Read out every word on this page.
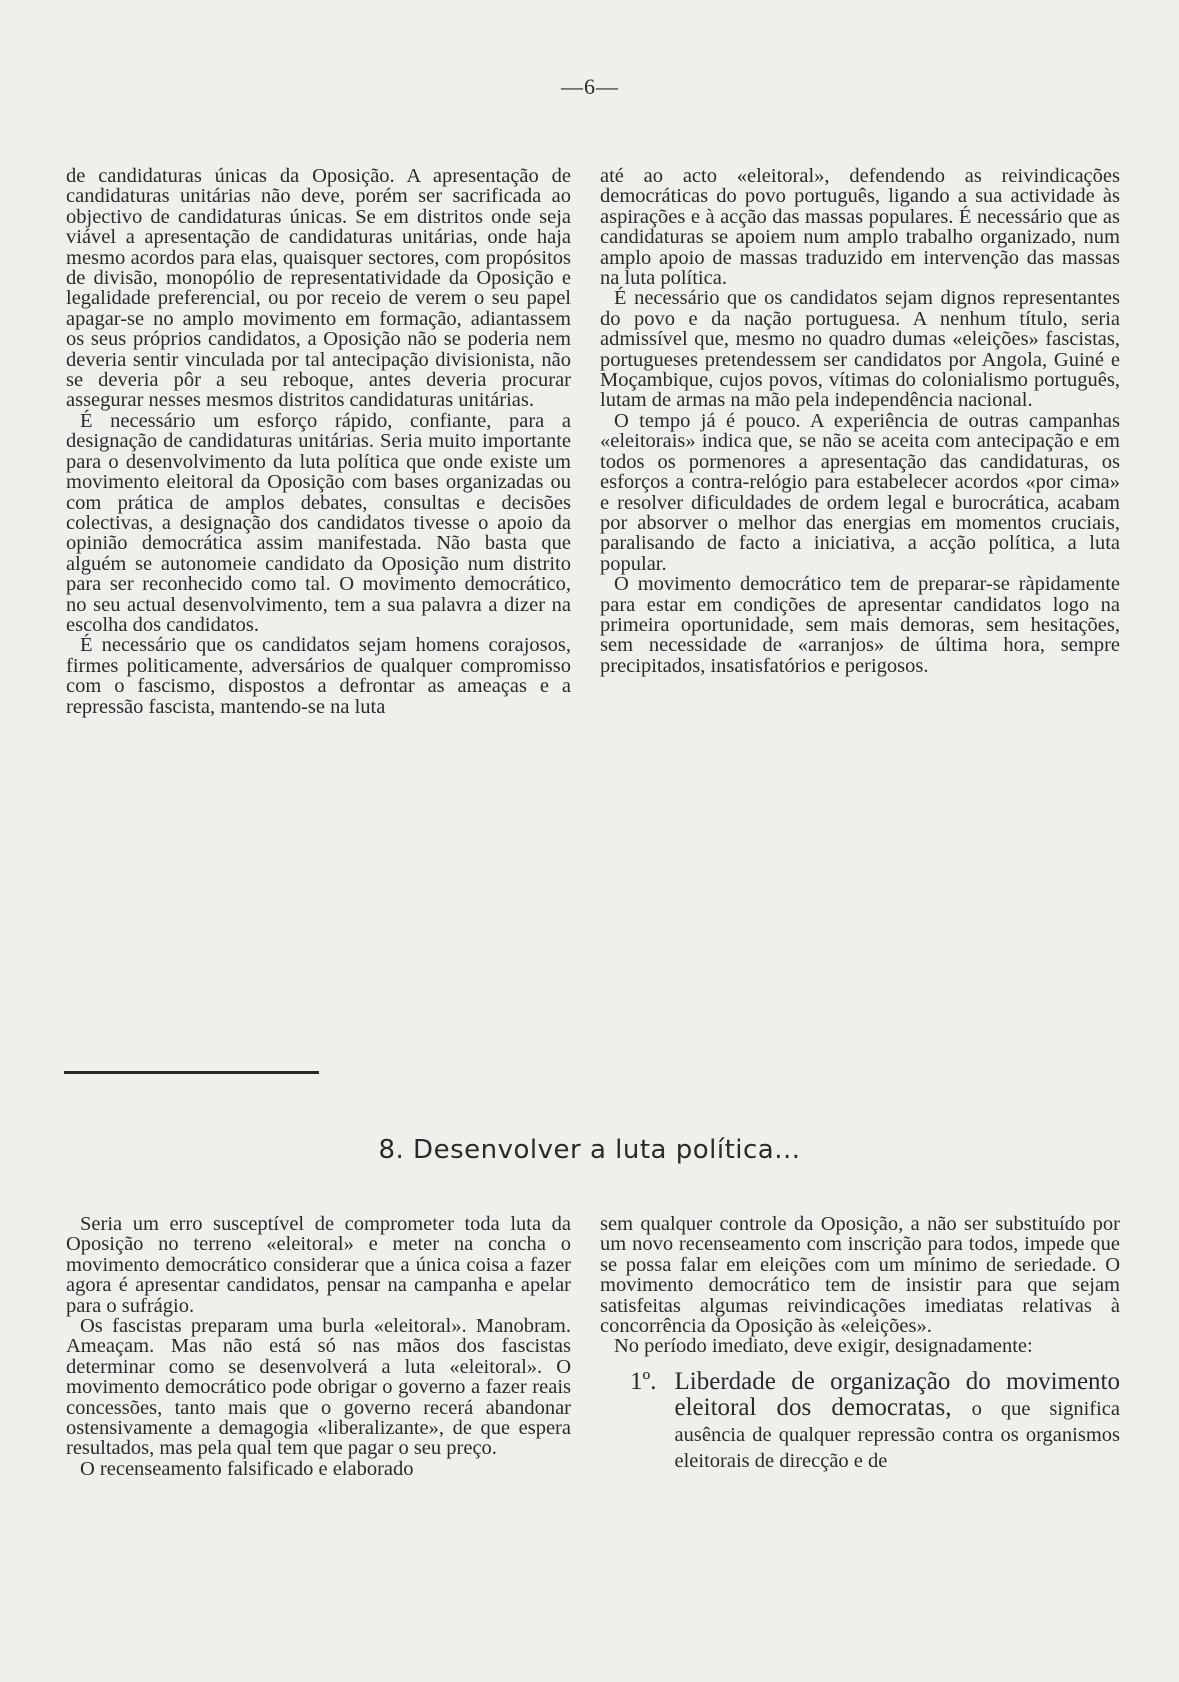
—6—

de candidaturas únicas da Oposição. A apresentação de candidaturas unitárias não deve, porém ser sacrificada ao objectivo de candidaturas únicas. Se em distritos onde seja viável a apresentação de candidaturas unitárias, onde haja mesmo acordos para elas, quaisquer sectores, com propósitos de divisão, monopólio de representatividade da Oposição e legalidade preferencial, ou por receio de verem o seu papel apagar-se no amplo movimento em formação, adiantassem os seus próprios candidatos, a Oposição não se poderia nem deveria sentir vinculada por tal antecipação divisionista, não se deveria pôr a seu reboque, antes deveria procurar assegurar nesses mesmos distritos candidaturas unitárias.

É necessário um esforço rápido, confiante, para a designação de candidaturas unitárias. Seria muito importante para o desenvolvimento da luta política que onde existe um movimento eleitoral da Oposição com bases organizadas ou com prática de amplos debates, consultas e decisões colectivas, a designação dos candidatos tivesse o apoio da opinião democrática assim manifestada. Não basta que alguém se autonomeie candidato da Oposição num distrito para ser reconhecido como tal. O movimento democrático, no seu actual desenvolvimento, tem a sua palavra a dizer na escolha dos candidatos.

É necessário que os candidatos sejam homens corajosos, firmes politicamente, adversários de qualquer compromisso com o fascismo, dispostos a defrontar as ameaças e a repressão fascista, mantendo-se na luta

até ao acto «eleitoral», defendendo as reivindicações democráticas do povo português, ligando a sua actividade às aspirações e à acção das massas populares. É necessário que as candidaturas se apoiem num amplo trabalho organizado, num amplo apoio de massas traduzido em intervenção das massas na luta política.

É necessário que os candidatos sejam dignos representantes do povo e da nação portuguesa. A nenhum título, seria admissível que, mesmo no quadro dumas «eleições» fascistas, portugueses pretendessem ser candidatos por Angola, Guiné e Moçambique, cujos povos, vítimas do colonialismo português, lutam de armas na mão pela independência nacional.

O tempo já é pouco. A experiência de outras campanhas «eleitorais» indica que, se não se aceita com antecipação e em todos os pormenores a apresentação das candidaturas, os esforços a contra-relógio para estabelecer acordos «por cima» e resolver dificuldades de ordem legal e burocrática, acabam por absorver o melhor das energias em momentos cruciais, paralisando de facto a iniciativa, a acção política, a luta popular.

O movimento democrático tem de preparar-se ràpidamente para estar em condições de apresentar candidatos logo na primeira oportunidade, sem mais demoras, sem hesitações, sem necessidade de «arranjos» de última hora, sempre precipitados, insatisfatórios e perigosos.

8. Desenvolver a luta política...

Seria um erro susceptível de comprometer toda luta da Oposição no terreno «eleitoral» e meter na concha o movimento democrático considerar que a única coisa a fazer agora é apresentar candidatos, pensar na campanha e apelar para o sufrágio.

Os fascistas preparam uma burla «eleitoral». Manobram. Ameaçam. Mas não está só nas mãos dos fascistas determinar como se desenvolverá a luta «eleitoral». O movimento democrático pode obrigar o governo a fazer reais concessões, tanto mais que o governo recerá abandonar ostensivamente a demagogia «liberalizante», de que espera resultados, mas pela qual tem que pagar o seu preço.

O recenseamento falsificado e elaborado

sem qualquer controle da Oposição, a não ser substituído por um novo recenseamento com inscrição para todos, impede que se possa falar em eleições com um mínimo de seriedade. O movimento democrático tem de insistir para que sejam satisfeitas algumas reivindicações imediatas relativas à concorrência da Oposição às «eleições».

No período imediato, deve exigir, designadamente:

1º. Liberdade de organização do movimento eleitoral dos democratas, o que significa ausência de qualquer repressão contra os organismos eleitorais de direcção e de
